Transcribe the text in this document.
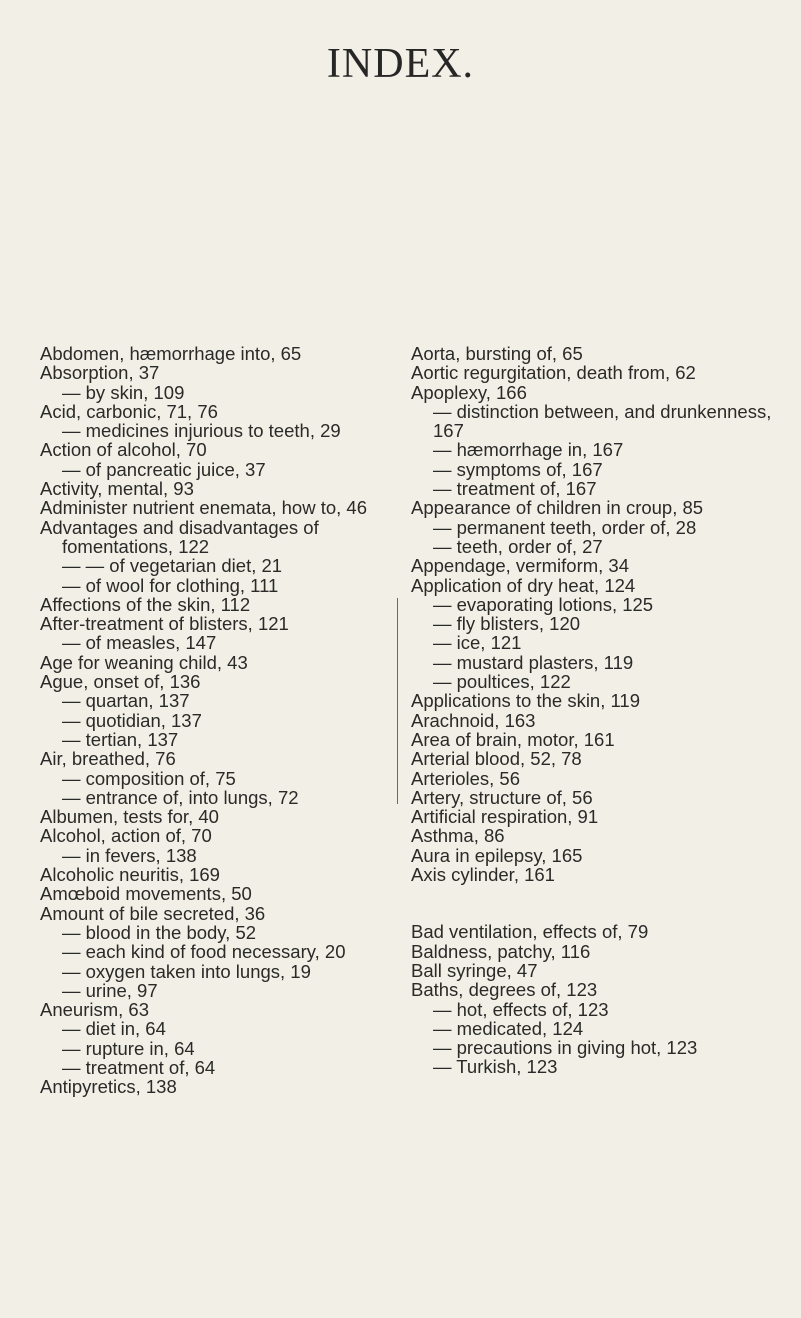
INDEX.
Abdomen, hæmorrhage into, 65
Absorption, 37
— by skin, 109
Acid, carbonic, 71, 76
— medicines injurious to teeth, 29
Action of alcohol, 70
— of pancreatic juice, 37
Activity, mental, 93
Administer nutrient enemata, how to, 46
Advantages and disadvantages of fomentations, 122
— — of vegetarian diet, 21
— of wool for clothing, 111
Affections of the skin, 112
After-treatment of blisters, 121
— of measles, 147
Age for weaning child, 43
Ague, onset of, 136
— quartan, 137
— quotidian, 137
— tertian, 137
Air, breathed, 76
— composition of, 75
— entrance of, into lungs, 72
Albumen, tests for, 40
Alcohol, action of, 70
— in fevers, 138
Alcoholic neuritis, 169
Amœboid movements, 50
Amount of bile secreted, 36
— blood in the body, 52
— each kind of food necessary, 20
— oxygen taken into lungs, 19
— urine, 97
Aneurism, 63
— diet in, 64
— rupture in, 64
— treatment of, 64
Antipyretics, 138
Aorta, bursting of, 65
Aortic regurgitation, death from, 62
Apoplexy, 166
— distinction between, and drunkenness, 167
— hæmorrhage in, 167
— symptoms of, 167
— treatment of, 167
Appearance of children in croup, 85
— permanent teeth, order of, 28
— teeth, order of, 27
Appendage, vermiform, 34
Application of dry heat, 124
— evaporating lotions, 125
— fly blisters, 120
— ice, 121
— mustard plasters, 119
— poultices, 122
Applications to the skin, 119
Arachnoid, 163
Area of brain, motor, 161
Arterial blood, 52, 78
Arterioles, 56
Artery, structure of, 56
Artificial respiration, 91
Asthma, 86
Aura in epilepsy, 165
Axis cylinder, 161
Bad ventilation, effects of, 79
Baldness, patchy, 116
Ball syringe, 47
Baths, degrees of, 123
— hot, effects of, 123
— medicated, 124
— precautions in giving hot, 123
— Turkish, 123
